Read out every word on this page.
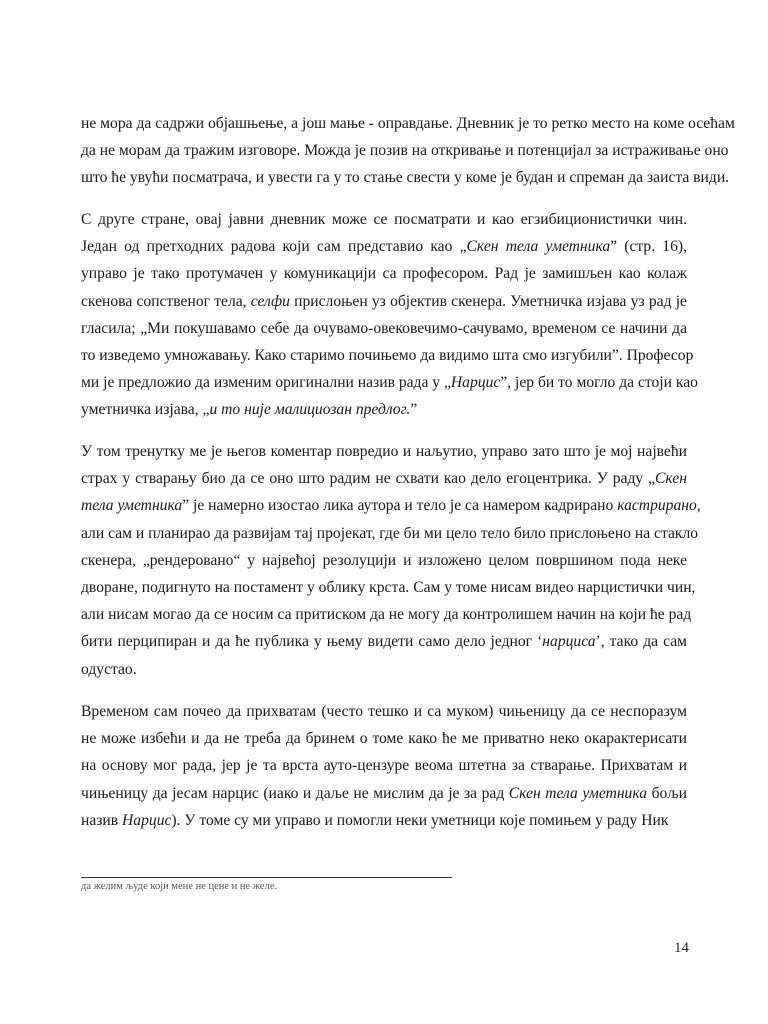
не мора да садржи објашњење, а још мање - оправдање. Дневник је то ретко место на коме осећам
да не морам да тражим изговоре. Можда је позив на откривање и потенцијал за истраживање оно
што ће увући посматрача, и увести га у то стање свести у коме је будан и спреман да заиста види.
С друге стране, овај јавни дневник може се посматрати и као егзибиционистички чин.
Један од претходних радова који сам представио као „Скен тела уметника” (стр. 16),
управо је тако протумачен у комуникацији са професором. Рад је замишљен као колаж
скенова сопственог тела, селфи прислоњен уз објектив скенера. Уметничка изјава уз рад је
гласила; „Ми покушавамо себе да очувамо-овековечимо-сачувамо, временом се начини да
то изведемо умножавању. Како старимо почињемо да видимо шта смо изгубили”. Професор
ми је предложио да изменим оригинални назив рада у „Нарцис”, јер би то могло да стоји као
уметничка изјава, „и то није малициозан предлог.”
У том тренутку ме је његов коментар повредио и наљутио, управо зато што је мој највећи
страх у стварању био да се оно што радим не схвати као дело егоцентрика. У раду „Скен
тела уметника” је намерно изостао лика аутора и тело је са намером кадрирано кастрирано,
али сам и планирао да развијам тај пројекат, где би ми цело тело било прислоњено на стакло
скенера, „рендеровано“ у највећој резолуцији и изложено целом површином пода неке
дворане, подигнуто на постамент у облику крста. Сам у томе нисам видео нарцистички чин,
али нисам могао да се носим са притиском да не могу да контролишем начин на који ће рад
бити перципиран и да ће публика у њему видети само дело једног ‘нарциса’, тако да сам
одустао.
Временом сам почео да прихватам (често тешко и са муком) чињеницу да се неспоразум
не може избећи и да не треба да бринем о томе како ће ме приватно неко окарактерисати
на основу мог рада, јер је та врста ауто-цензуре веома штетна за стварање. Прихватам и
чињеницу да јесам нарцис (иако и даље не мислим да је за рад Скен тела уметника бољи
назив Нарцис). У томе су ми управо и помогли неки уметници које помињем у раду Ник
да желим људе који мене не цене и не желе.
14
